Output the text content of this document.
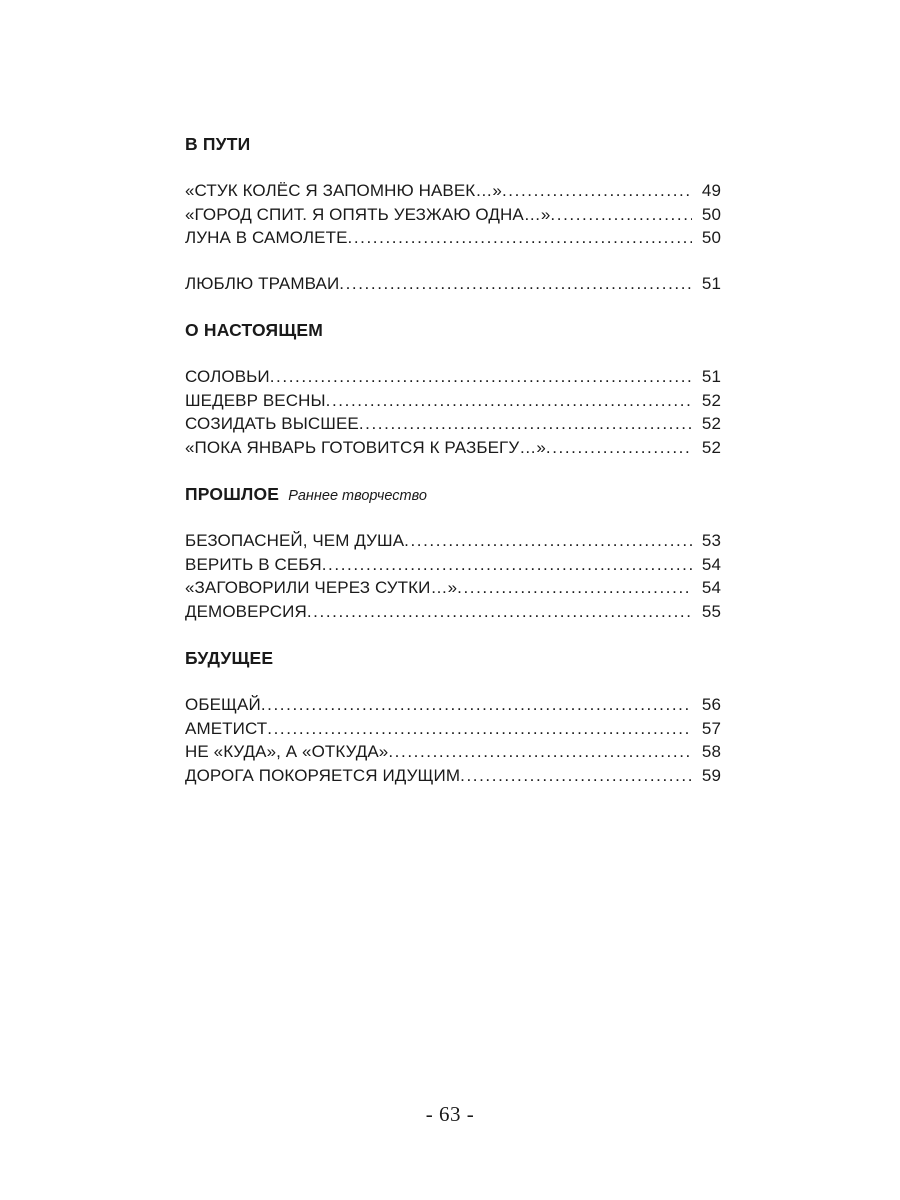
В ПУТИ
«СТУК КОЛЁС Я ЗАПОМНЮ НАВЕК…» .....	49
«ГОРОД СПИТ. Я ОПЯТЬ УЕЗЖАЮ ОДНА…» .....	50
ЛУНА В САМОЛЕТЕ .....	50
ЛЮБЛЮ ТРАМВАИ .....	51
О НАСТОЯЩЕМ
СОЛОВЬИ .....	51
ШЕДЕВР ВЕСНЫ .....	52
СОЗИДАТЬ ВЫСШЕЕ .....	52
«ПОКА ЯНВАРЬ ГОТОВИТСЯ К РАЗБЕГУ…» .....	52
ПРОШЛОЕ Раннее творчество
БЕЗОПАСНЕЙ, ЧЕМ ДУША .....	53
ВЕРИТЬ В СЕБЯ .....	54
«ЗАГОВОРИЛИ ЧЕРЕЗ СУТКИ…» .....	54
ДЕМОВЕРСИЯ .....	55
БУДУЩЕЕ
ОБЕЩАЙ .....	56
АМЕТИСТ .....	57
НЕ «КУДА», А «ОТКУДА» .....	58
ДОРОГА ПОКОРЯЕТСЯ ИДУЩИМ .....	59
- 63 -
